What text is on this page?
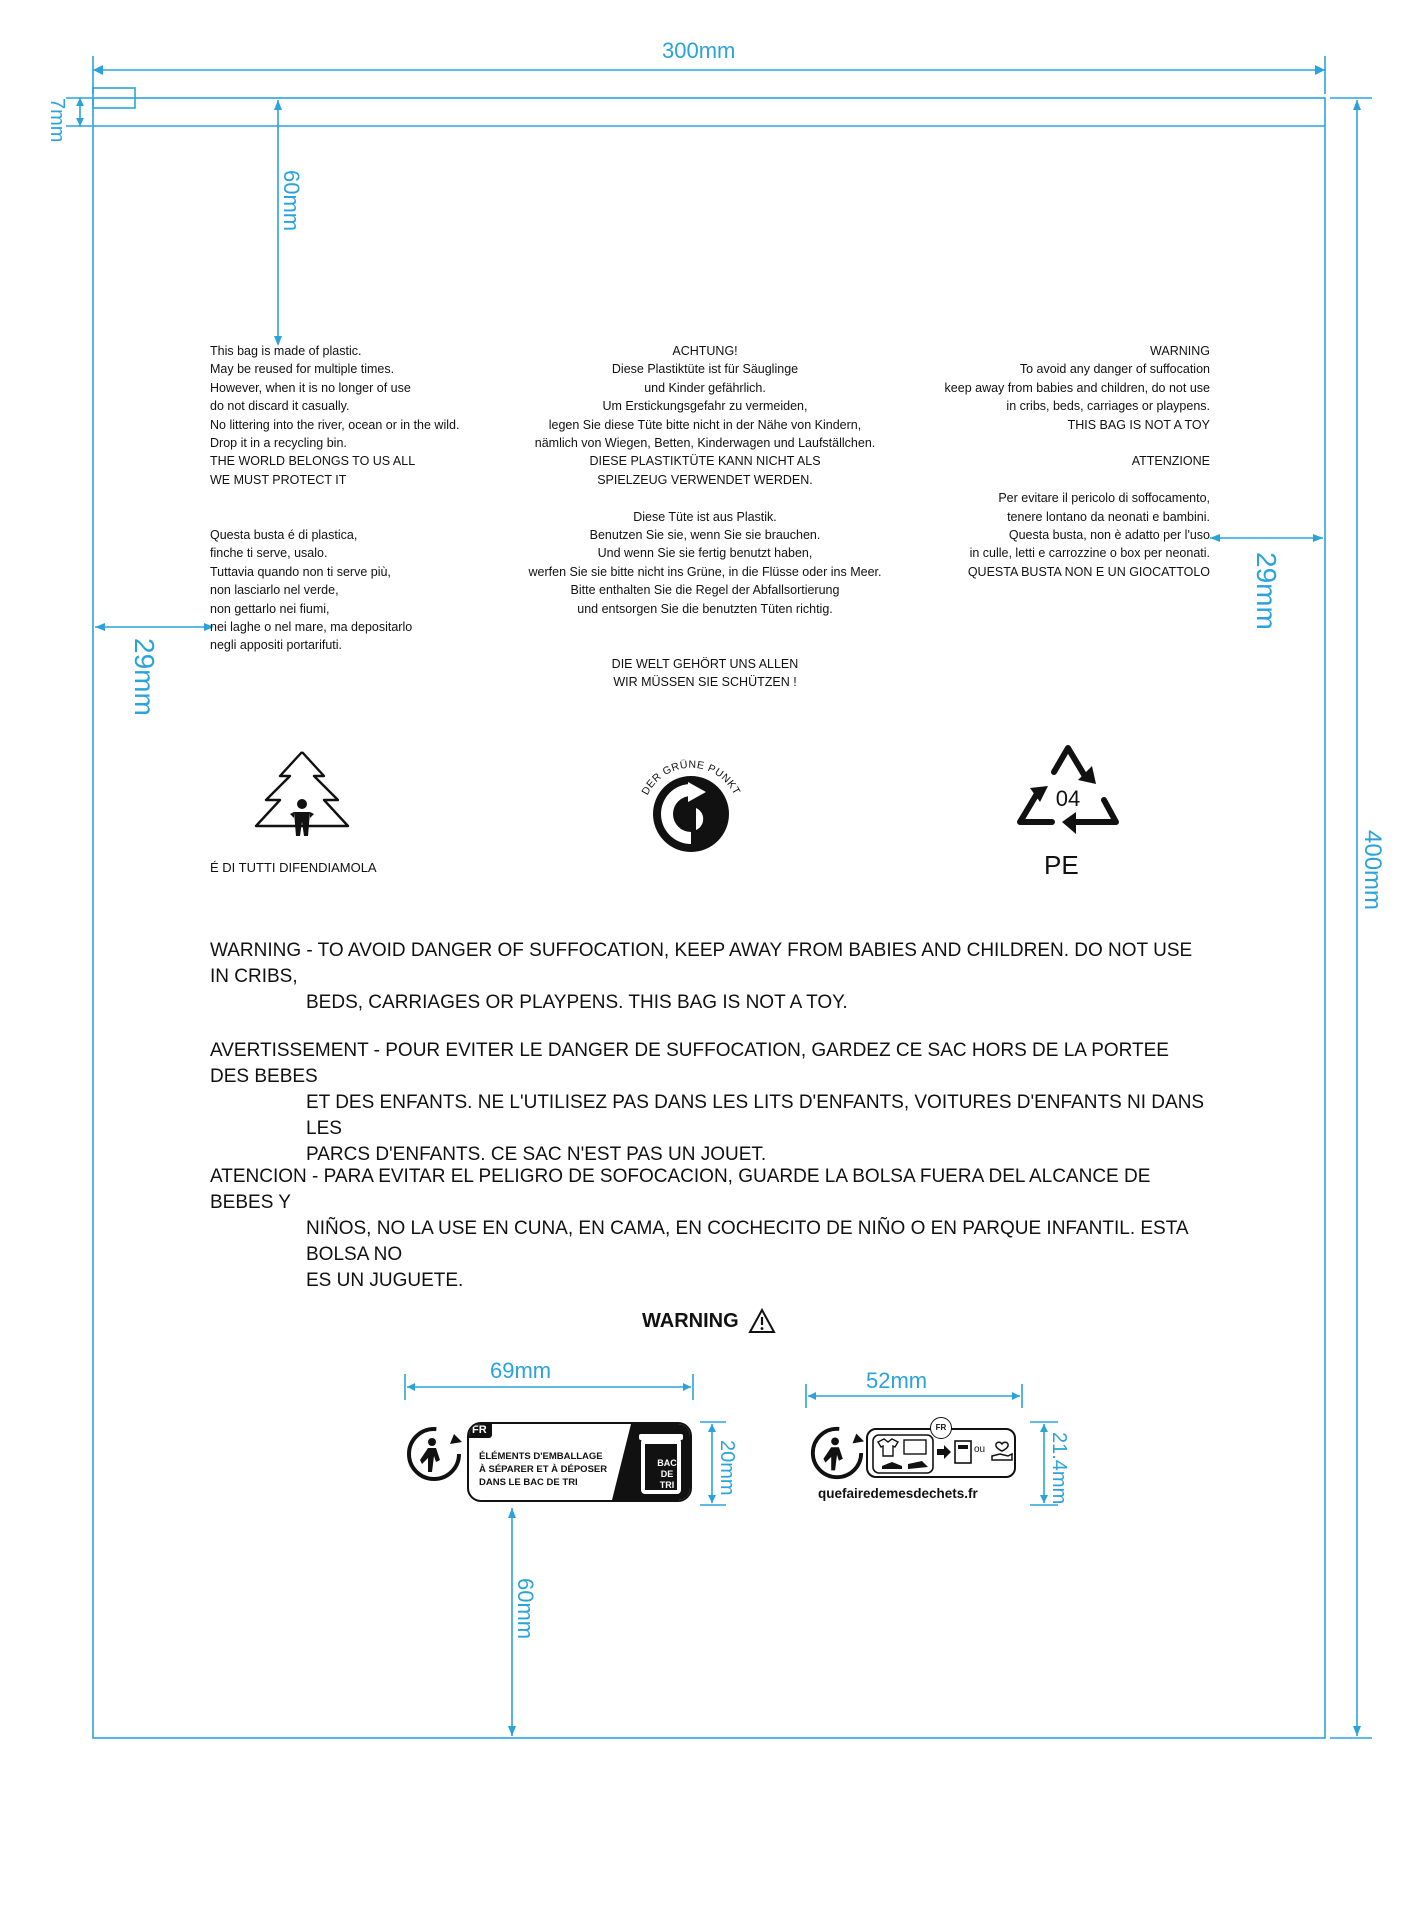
300mm
7mm
60mm
29mm
29mm
400mm
60mm
69mm
20mm
52mm
21.4mm
This bag is made of plastic.
May be reused for multiple times.
However, when it is no longer of use
do not discard it casually.
No littering into the river, ocean or in the wild.
Drop it in a recycling bin.
THE WORLD BELONGS TO US ALL
WE MUST PROTECT IT
Questa busta é di plastica,
finche ti serve, usalo.
Tuttavia quando non ti serve più,
non lasciarlo nel verde,
non gettarlo nei fiumi,
nei laghe o nel mare, ma depositarlo
negli appositi portarifuti.
ACHTUNG!
Diese Plastiktüte ist für Säuglinge
und Kinder gefährlich.
Um Erstickungsgefahr zu vermeiden,
legen Sie diese Tüte bitte nicht in der Nähe von Kindern,
nämlich von Wiegen, Betten, Kinderwagen und Laufställchen.
DIESE PLASTIKTÜTE KANN NICHT ALS
SPIELZEUG VERWENDET WERDEN.
Diese Tüte ist aus Plastik.
Benutzen Sie sie, wenn Sie sie brauchen.
Und wenn Sie sie fertig benutzt haben,
werfen Sie sie bitte nicht ins Grüne, in die Flüsse oder ins Meer.
Bitte enthalten Sie die Regel der Abfallsortierung
und entsorgen Sie die benutzten Tüten richtig.
DIE WELT GEHÖRT UNS ALLEN
WIR MÜSSEN SIE SCHÜTZEN !
WARNING
To avoid any danger of suffocation
keep away from babies and children, do not use
in cribs, beds, carriages or playpens.
THIS BAG IS NOT A TOY
ATTENZIONE
Per evitare il pericolo di soffocamento,
tenere lontano da neonati e bambini.
Questa busta, non è adatto per l'uso
in culle, letti e carrozzine o box per neonati.
QUESTA BUSTA NON E UN GIOCATTOLO
É DI TUTTI DIFENDIAMOLA
DER GRÜNE PUNKT	04
PE
WARNING - TO AVOID DANGER OF SUFFOCATION, KEEP AWAY FROM BABIES AND CHILDREN. DO NOT USE IN CRIBS,
BEDS, CARRIAGES OR PLAYPENS. THIS BAG IS NOT A TOY.
AVERTISSEMENT - POUR EVITER LE DANGER DE SUFFOCATION, GARDEZ CE SAC HORS DE LA PORTEE DES BEBES
ET DES ENFANTS. NE L'UTILISEZ PAS DANS LES LITS D'ENFANTS, VOITURES D'ENFANTS NI DANS LES
PARCS D'ENFANTS. CE SAC N'EST PAS UN JOUET.
ATENCION - PARA EVITAR EL PELIGRO DE SOFOCACION, GUARDE LA BOLSA FUERA DEL ALCANCE DE BEBES Y
NIÑOS, NO LA USE EN CUNA, EN CAMA, EN COCHECITO DE NIÑO O EN PARQUE INFANTIL. ESTA BOLSA NO
ES UN JUGUETE.
WARNING
FR
ÉLÉMENTS D'EMBALLAGE
À SÉPARER ET À DÉPOSER
DANS LE BAC DE TRI
BAC
DE
TRI
FR
ou
quefairedemesdechets.fr
